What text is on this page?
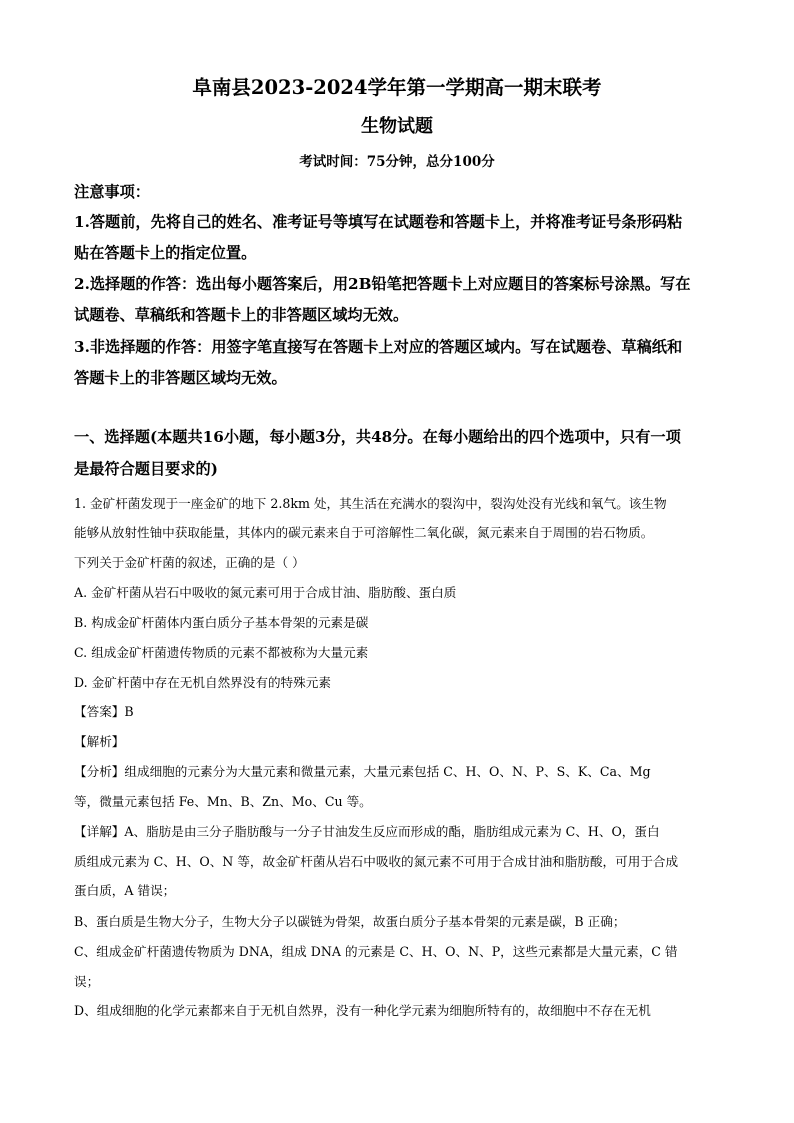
阜南县2023-2024学年第一学期高一期末联考
生物试题
考试时间：75分钟，总分100分
注意事项：
1.答题前，先将自己的姓名、准考证号等填写在试题卷和答题卡上，并将准考证号条形码粘
贴在答题卡上的指定位置。
2.选择题的作答：选出每小题答案后，用2B铅笔把答题卡上对应题目的答案标号涂黑。写在
试题卷、草稿纸和答题卡上的非答题区域均无效。
3.非选择题的作答：用签字笔直接写在答题卡上对应的答题区域内。写在试题卷、草稿纸和
答题卡上的非答题区域均无效。
一、选择题(本题共16小题，每小题3分，共48分。在每小题给出的四个选项中，只有一项
是最符合题目要求的)
1. 金矿杆菌发现于一座金矿的地下 2.8km 处，其生活在充满水的裂沟中，裂沟处没有光线和氧气。该生物
能够从放射性铀中获取能量，其体内的碳元素来自于可溶解性二氧化碳，氮元素来自于周围的岩石物质。
下列关于金矿杆菌的叙述，正确的是（ ）
A. 金矿杆菌从岩石中吸收的氮元素可用于合成甘油、脂肪酸、蛋白质
B. 构成金矿杆菌体内蛋白质分子基本骨架的元素是碳
C. 组成金矿杆菌遗传物质的元素不都被称为大量元素
D. 金矿杆菌中存在无机自然界没有的特殊元素
【答案】B
【解析】
【分析】组成细胞的元素分为大量元素和微量元素，大量元素包括 C、H、O、N、P、S、K、Ca、Mg
等，微量元素包括 Fe、Mn、B、Zn、Mo、Cu 等。
【详解】A、脂肪是由三分子脂肪酸与一分子甘油发生反应而形成的酯，脂肪组成元素为 C、H、O，蛋白
质组成元素为 C、H、O、N 等，故金矿杆菌从岩石中吸收的氮元素不可用于合成甘油和脂肪酸，可用于合成
蛋白质，A 错误；
B、蛋白质是生物大分子，生物大分子以碳链为骨架，故蛋白质分子基本骨架的元素是碳，B 正确；
C、组成金矿杆菌遗传物质为 DNA，组成 DNA 的元素是 C、H、O、N、P，这些元素都是大量元素，C 错
误；
D、组成细胞的化学元素都来自于无机自然界，没有一种化学元素为细胞所特有的，故细胞中不存在无机
